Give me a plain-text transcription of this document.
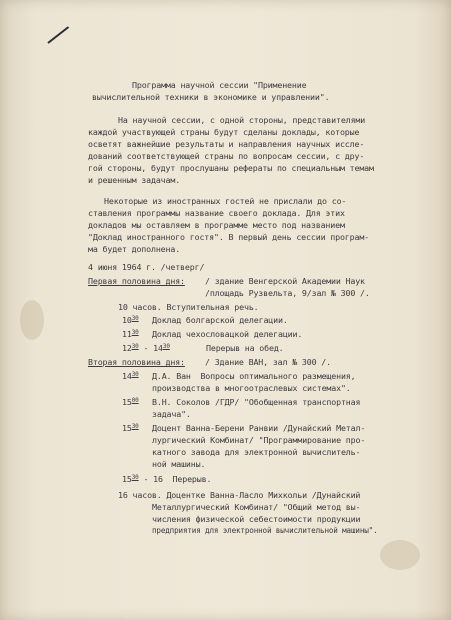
Программа научной сессии "Применение
вычислительной техники в экономике и управлении".
На научной сессии, с одной стороны, представителями
каждой участвующей страны будут сделаны доклады, которые
осветят важнейшие результаты и направления научных иссле-
дований соответствующей страны по вопросам сессии, с дру-
гой стороны, будут прослушаны рефераты по специальным темам
и решенным задачам.
Некоторые из иностранных гостей не прислали до со-
ставления программы название своего доклада. Для этих
докладов мы оставляем в программе место под названием
"Доклад иностранного гостя". В первый день сессии програм-
ма будет дополнена.
4 июня 1964 г. /четверг/
Первая половина дня: / здание Венгерской Академии Наук
/площадь Рузвельта, 9/зал № 300 /.
10 часов. Вступительная речь.
$10^{30}$ Доклад болгарской делегации.
$11^{30}$ Доклад чехословацкой делегации.
$12^{30} - 14^{30}$	Перерыв на обед.
Вторая половина дня: / Здание ВАН, зал № 300 /.
$14^{30}$ Д.А. Ван  Вопросы оптимального размещения,
производства в многоотраслевых системах".
$15^{00}$ В.Н. Соколов /ГДР/ "Обобщенная транспортная
задача".
$15^{30}$ Доцент Ванна-Берени Ранвии /Дунайский Метал-
лургический Комбинат/ "Программирование про-
катного завода для электронной вычислитель-
ной машины.
$15^{30} - 16$  Перерыв.
16 часов. Доцентке Ванна-Ласло Михкольи /Дунайский
Металлургический Комбинат/ "Общий метод вы-
числения физической себестоимости продукции
предприятия для электронной вычислительной машины".
